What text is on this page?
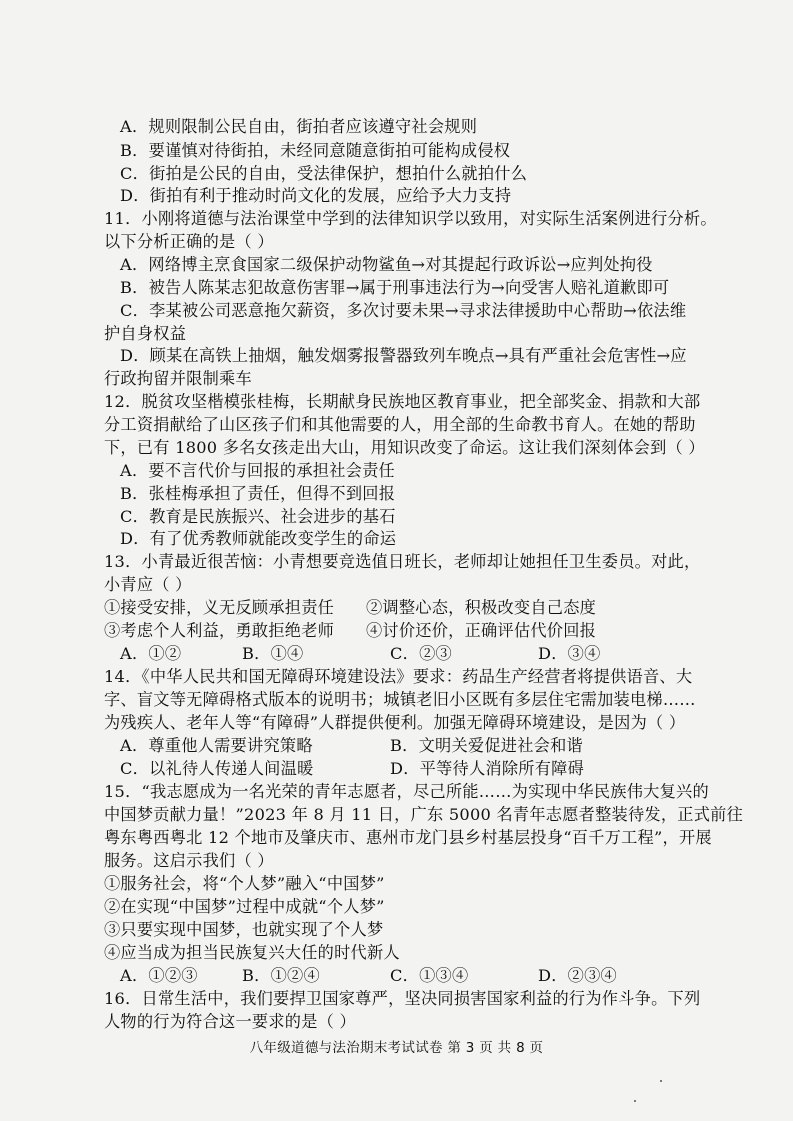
A．规则限制公民自由，街拍者应该遵守社会规则
B．要谨慎对待街拍，未经同意随意街拍可能构成侵权
C．街拍是公民的自由，受法律保护，想拍什么就拍什么
D．街拍有利于推动时尚文化的发展，应给予大力支持
11．小刚将道德与法治课堂中学到的法律知识学以致用，对实际生活案例进行分析。
以下分析正确的是（ ）
A．网络博主烹食国家二级保护动物鲨鱼→对其提起行政诉讼→应判处拘役
B．被告人陈某志犯故意伤害罪→属于刑事违法行为→向受害人赔礼道歉即可
C．李某被公司恶意拖欠薪资，多次讨要未果→寻求法律援助中心帮助→依法维
护自身权益
D．顾某在高铁上抽烟，触发烟雾报警器致列车晚点→具有严重社会危害性→应
行政拘留并限制乘车
12．脱贫攻坚楷模张桂梅，长期献身民族地区教育事业，把全部奖金、捐款和大部
分工资捐献给了山区孩子们和其他需要的人，用全部的生命教书育人。在她的帮助
下，已有 1800 多名女孩走出大山，用知识改变了命运。这让我们深刻体会到（ ）
A．要不言代价与回报的承担社会责任
B．张桂梅承担了责任，但得不到回报
C．教育是民族振兴、社会进步的基石
D．有了优秀教师就能改变学生的命运
13．小青最近很苦恼：小青想要竞选值日班长，老师却让她担任卫生委员。对此，
小青应（ ）
①接受安排，义无反顾承担责任 ②调整心态，积极改变自己态度
③考虑个人利益，勇敢拒绝老师 ④讨价还价，正确评估代价回报
A．①②	B．①④	C．②③	D．③④
14．《中华人民共和国无障碍环境建设法》要求：药品生产经营者将提供语音、大
字、盲文等无障碍格式版本的说明书；城镇老旧小区既有多层住宅需加装电梯……
为残疾人、老年人等“有障碍”人群提供便利。加强无障碍环境建设，是因为（ ）
A．尊重他人需要讲究策略	B．文明关爱促进社会和谐
C．以礼待人传递人间温暖	D．平等待人消除所有障碍
15．“我志愿成为一名光荣的青年志愿者，尽己所能……为实现中华民族伟大复兴的
中国梦贡献力量！”2023 年 8 月 11 日，广东 5000 名青年志愿者整装待发，正式前往
粤东粤西粤北 12 个地市及肇庆市、惠州市龙门县乡村基层投身“百千万工程”，开展
服务。这启示我们（ ）
①服务社会，将“个人梦”融入“中国梦”
②在实现“中国梦”过程中成就“个人梦”
③只要实现中国梦，也就实现了个人梦
④应当成为担当民族复兴大任的时代新人
A．①②③	B．①②④	C．①③④	D．②③④
16．日常生活中，我们要捍卫国家尊严，坚决同损害国家利益的行为作斗争。下列
人物的行为符合这一要求的是（ ）
八年级道德与法治期末考试试卷 第 3 页 共 8 页
